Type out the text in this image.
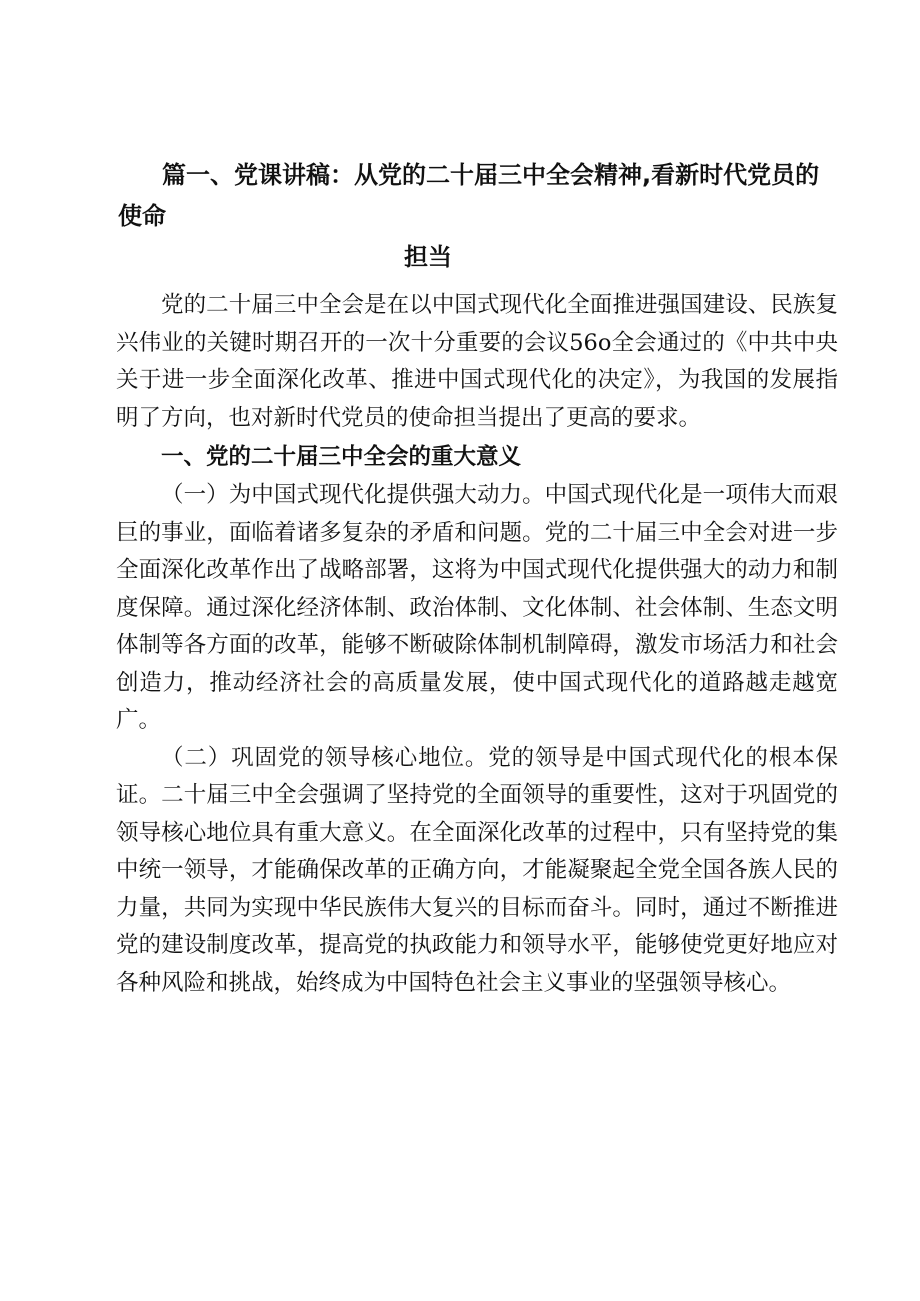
篇一、党课讲稿：从党的二十届三中全会精神,看新时代党员的使命
担当

党的二十届三中全会是在以中国式现代化全面推进强国建设、民族复兴伟业的关键时期召开的一次十分重要的会议56o全会通过的《中共中央关于进一步全面深化改革、推进中国式现代化的决定》，为我国的发展指明了方向，也对新时代党员的使命担当提出了更高的要求。

一、党的二十届三中全会的重大意义

（一）为中国式现代化提供强大动力。中国式现代化是一项伟大而艰巨的事业，面临着诸多复杂的矛盾和问题。党的二十届三中全会对进一步全面深化改革作出了战略部署，这将为中国式现代化提供强大的动力和制度保障。通过深化经济体制、政治体制、文化体制、社会体制、生态文明体制等各方面的改革，能够不断破除体制机制障碍，激发市场活力和社会创造力，推动经济社会的高质量发展，使中国式现代化的道路越走越宽广。

（二）巩固党的领导核心地位。党的领导是中国式现代化的根本保证。二十届三中全会强调了坚持党的全面领导的重要性，这对于巩固党的领导核心地位具有重大意义。在全面深化改革的过程中，只有坚持党的集中统一领导，才能确保改革的正确方向，才能凝聚起全党全国各族人民的力量，共同为实现中华民族伟大复兴的目标而奋斗。同时，通过不断推进党的建设制度改革，提高党的执政能力和领导水平，能够使党更好地应对各种风险和挑战，始终成为中国特色社会主义事业的坚强领导核心。
